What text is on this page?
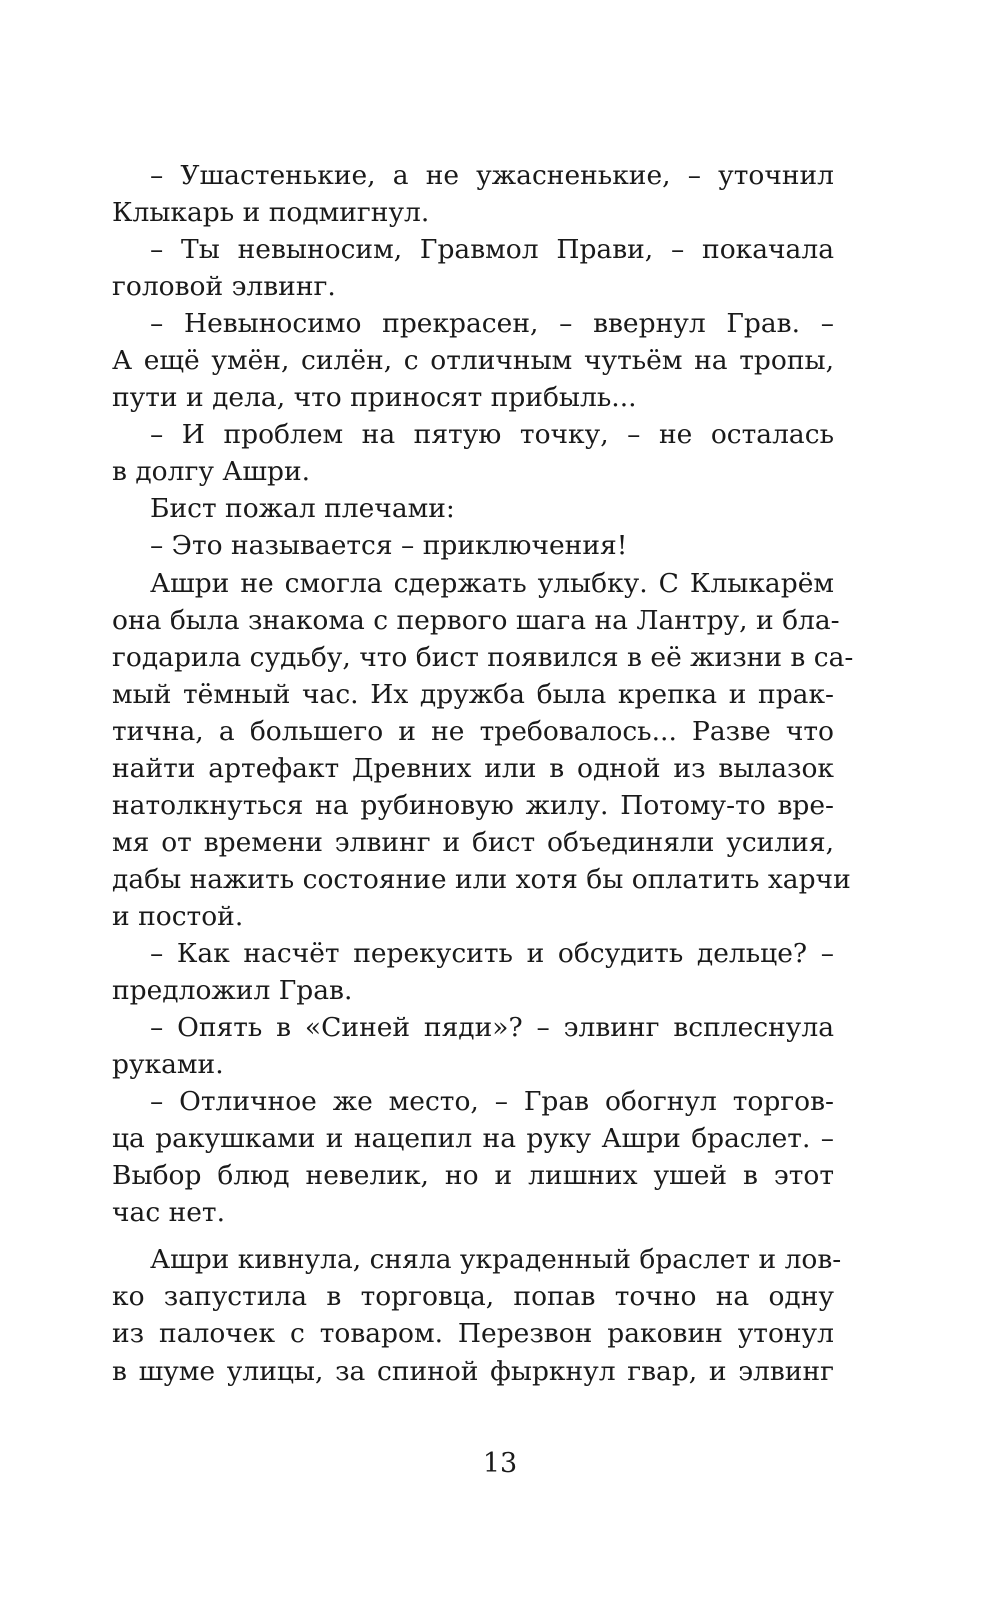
– Ушастенькие, а не ужасненькие, – уточнил
Клыкарь и подмигнул.
– Ты невыносим, Гравмол Прави, – покачала
головой элвинг.
– Невыносимо прекрасен, – ввернул Грав. –
А ещё умён, силён, с отличным чутьём на тропы,
пути и дела, что приносят прибыль...
– И проблем на пятую точку, – не осталась
в долгу Ашри.
Бист пожал плечами:
– Это называется – приключения!
Ашри не смогла сдержать улыбку. С Клыкарём
она была знакома с первого шага на Лантру, и бла-
годарила судьбу, что бист появился в её жизни в са-
мый тёмный час. Их дружба была крепка и прак-
тична, а большего и не требовалось... Разве что
найти артефакт Древних или в одной из вылазок
натолкнуться на рубиновую жилу. Потому-то вре-
мя от времени элвинг и бист объединяли усилия,
дабы нажить состояние или хотя бы оплатить харчи
и постой.
– Как насчёт перекусить и обсудить дельце? –
предложил Грав.
– Опять в «Синей пяди»? – элвинг всплеснула
руками.
– Отличное же место, – Грав обогнул торгов-
ца ракушками и нацепил на руку Ашри браслет. –
Выбор блюд невелик, но и лишних ушей в этот
час нет.
Ашри кивнула, сняла украденный браслет и лов-
ко запустила в торговца, попав точно на одну
из палочек с товаром. Перезвон раковин утонул
в шуме улицы, за спиной фыркнул гвар, и элвинг
13
